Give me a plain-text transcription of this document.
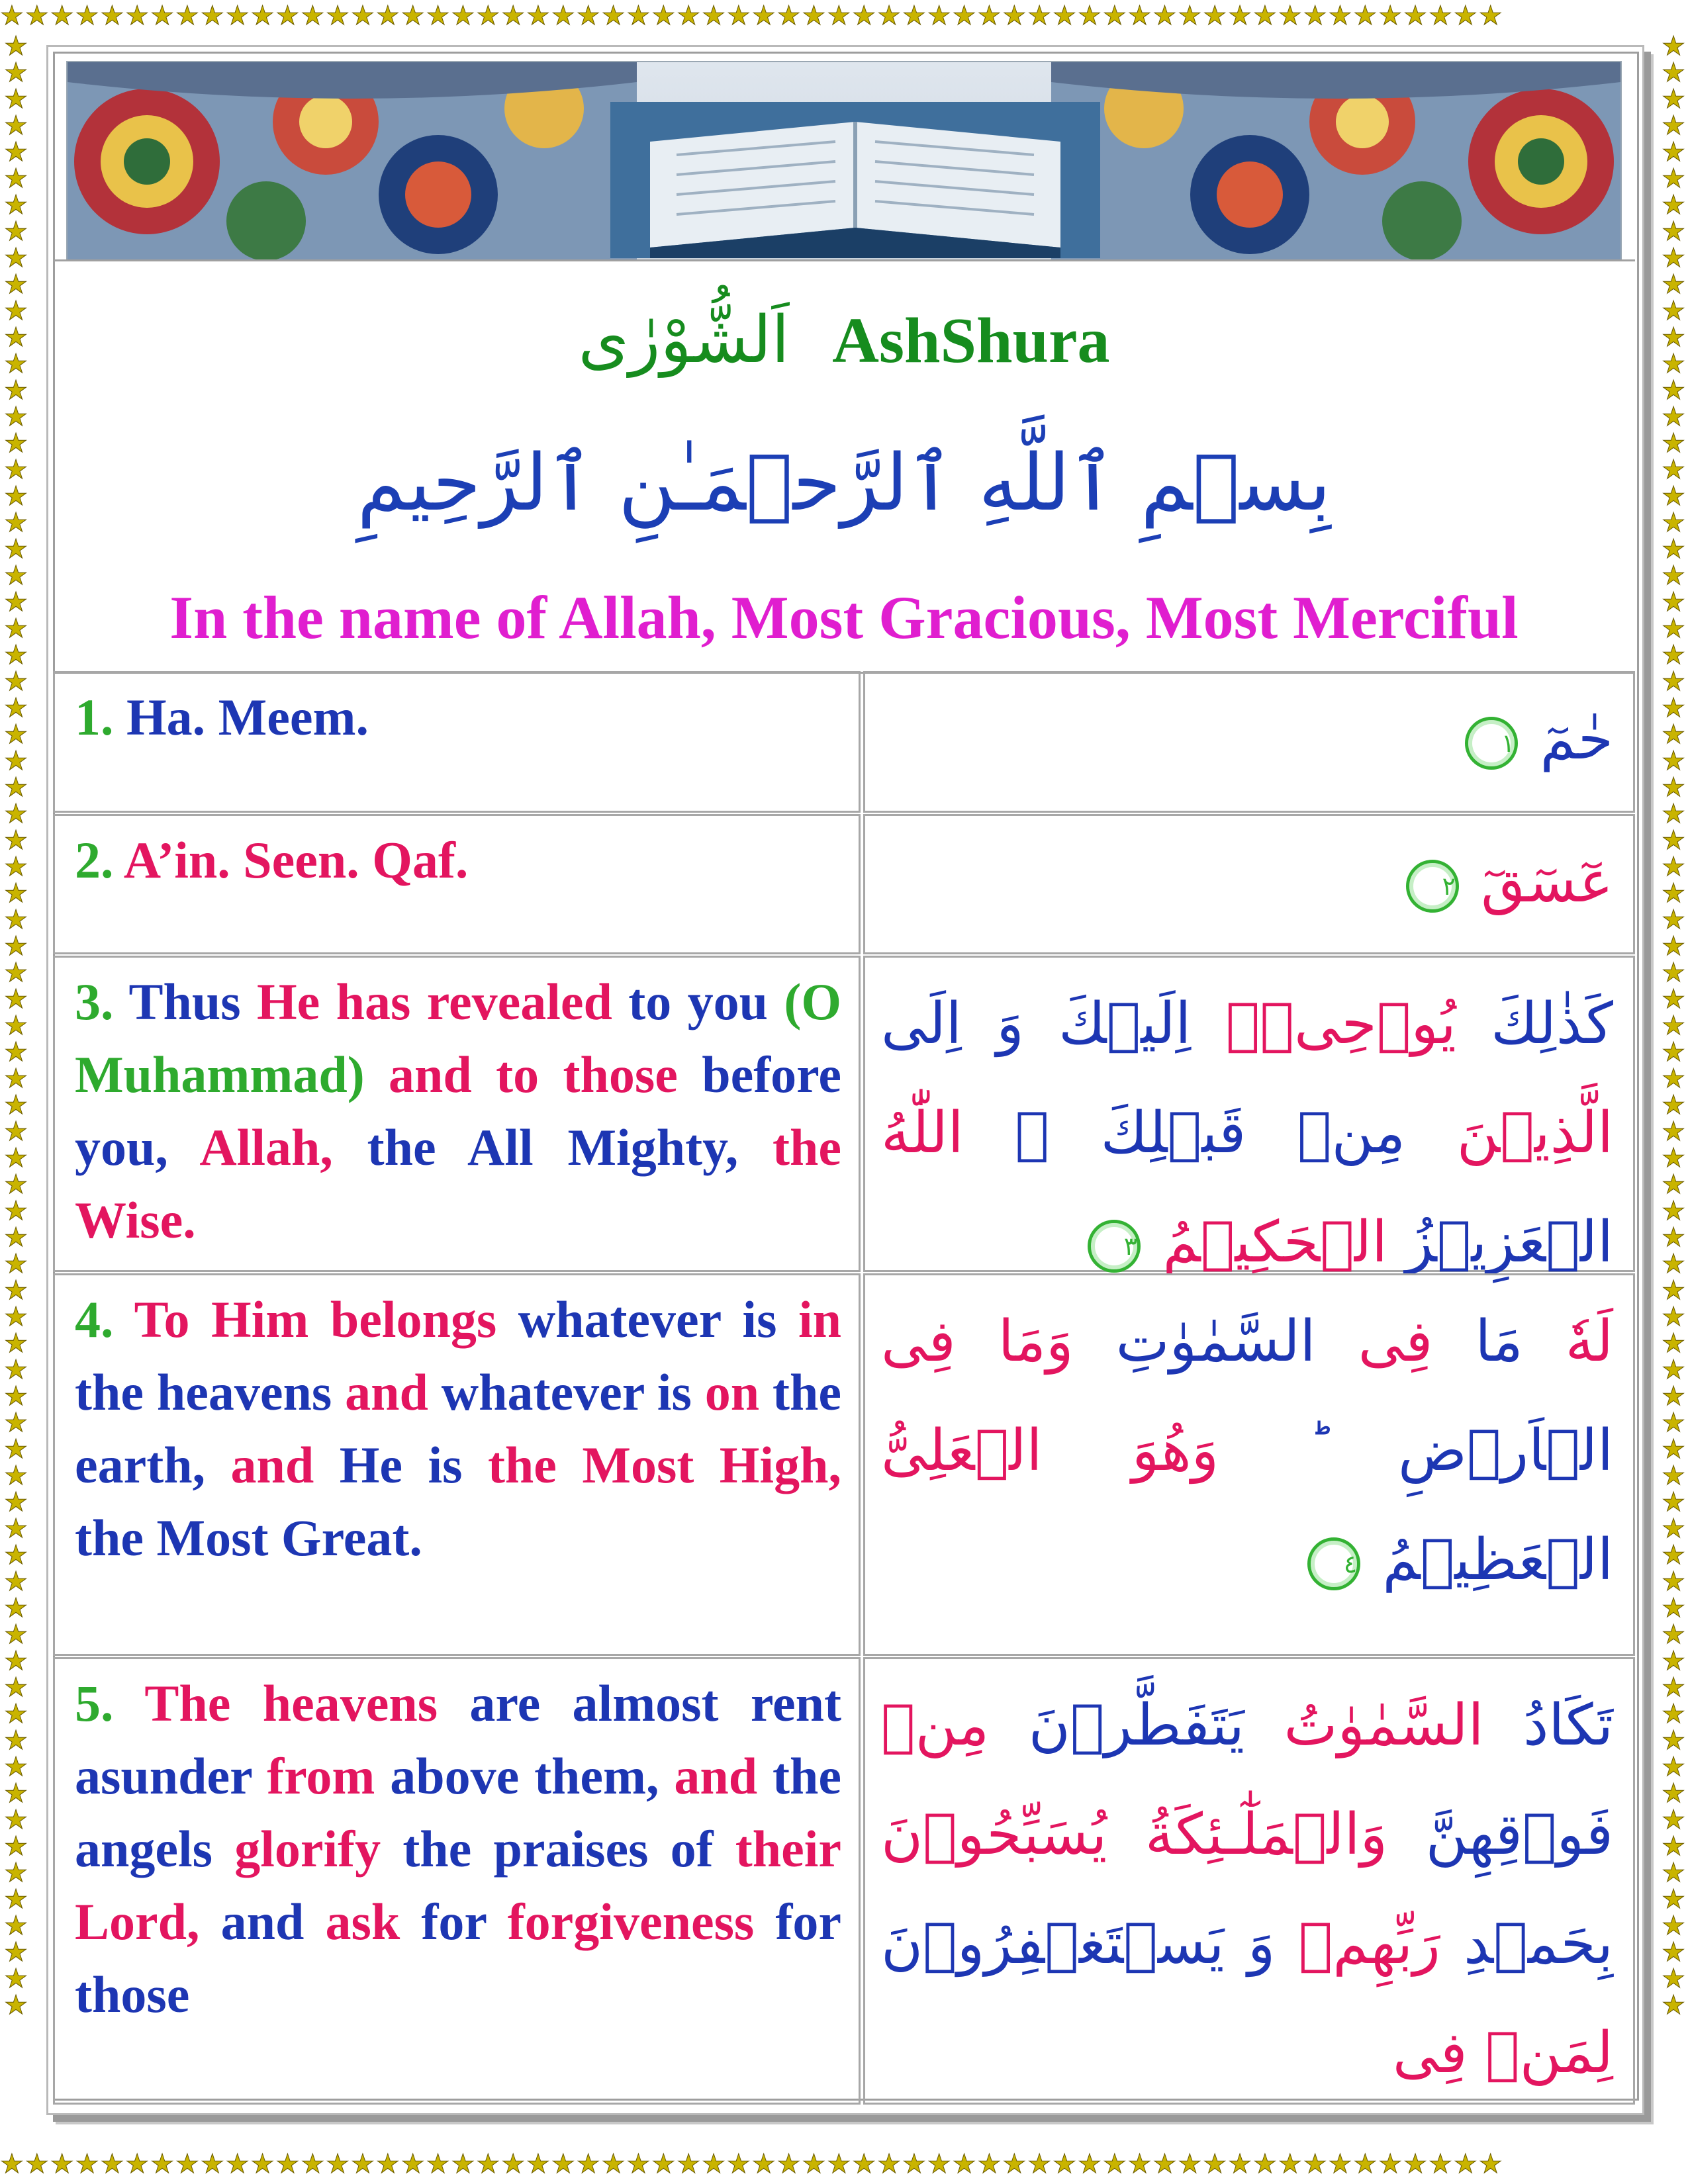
★★★★★★★★★★★★★★★★★★★★★★★★★★★★★★★★★★★★★★★★★★★★★★★★★★★★★★★★★★★★
★★★★★★★★★★★★★★★★★★★★★★★★★★★★★★★★★★★★★★★★★★★★★★★★★★★★★★★★★★★★
★★★★★★★★★★★★★★★★★★★★★★★★★★★★★★★★★★★★★★★★★★★★★★★★★★★★★★★★★★★★★★★★★★★★★★★★★★★
★★★★★★★★★★★★★★★★★★★★★★★★★★★★★★★★★★★★★★★★★★★★★★★★★★★★★★★★★★★★★★★★★★★★★★★★★★★
اَلشُّوْرٰى AshShura
بِسۡمِ ٱللَّهِ ٱلرَّحۡمَـٰنِ ٱلرَّحِيمِ
In the name of Allah, Most Gracious, Most Merciful
1. Ha. Meem.	حٰمٓ ١
2. A’in. Seen. Qaf.	عٓسٓقٓ ٢
3. Thus He has revealed to you (O Muhammad) and to those before you, Allah, the All Mighty, the Wise.
كَذٰلِكَ يُوۡحِىۡۤ اِلَيۡكَ وَ اِلَى الَّذِيۡنَ مِنۡ قَبۡلِكَ ۙ اللّٰهُ الۡعَزِيۡزُ الۡحَكِيۡمُ ٣
4. To Him belongs whatever is in the heavens and whatever is on the earth, and He is the Most High, the Most Great.
لَهٗ مَا فِى السَّمٰوٰتِ وَمَا فِى الۡاَرۡضِ ؕ وَهُوَ الۡعَلِىُّ الۡعَظِيۡمُ ٤
5. The heavens are almost rent asunder from above them, and the angels glorify the praises of their Lord, and ask for forgiveness for those
تَكَادُ السَّمٰوٰتُ يَتَفَطَّرۡنَ مِنۡ فَوۡقِهِنَّ وَالۡمَلٰٓـئِكَةُ يُسَبِّحُوۡنَ بِحَمۡدِ رَبِّهِمۡ وَ يَسۡتَغۡفِرُوۡنَ لِمَنۡ فِى
